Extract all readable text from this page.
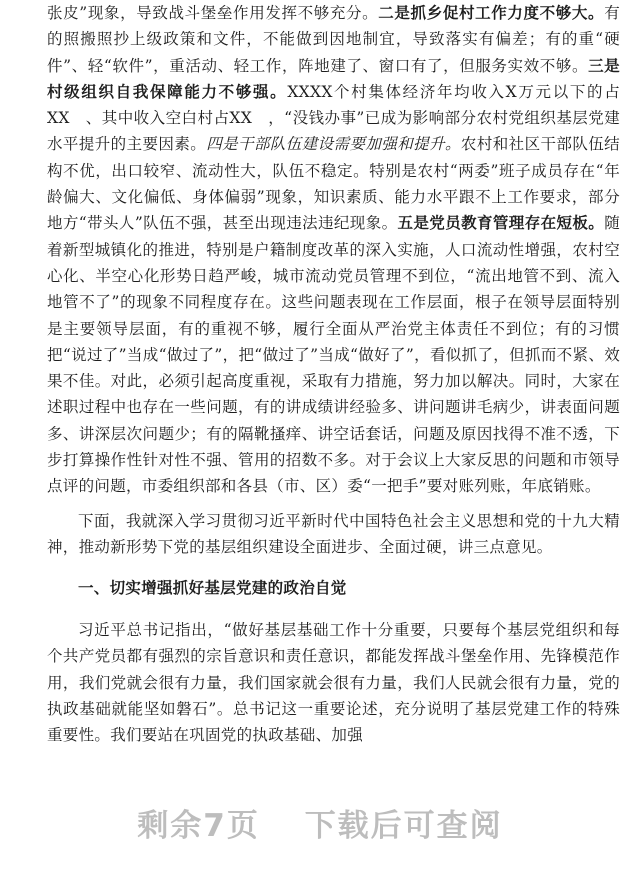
张皮”现象，导致战斗堡垒作用发挥不够充分。二是抓乡促村工作力度不够大。有的照搬照抄上级政策和文件，不能做到因地制宜，导致落实有偏差；有的重“硬件”、轻“软件”，重活动、轻工作，阵地建了、窗口有了，但服务实效不够。三是村级组织自我保障能力不够强。XXXX个村集体经济年均收入X万元以下的占XX　、其中收入空白村占XX　，“没钱办事”已成为影响部分农村党组织基层党建水平提升的主要因素。四是干部队伍建设需要加强和提升。农村和社区干部队伍结构不优，出口较窄、流动性大，队伍不稳定。特别是农村“两委”班子成员存在“年龄偏大、文化偏低、身体偏弱”现象，知识素质、能力水平跟不上工作要求，部分地方“带头人”队伍不强，甚至出现违法违纪现象。五是党员教育管理存在短板。随着新型城镇化的推进，特别是户籍制度改革的深入实施，人口流动性增强，农村空心化、半空心化形势日趋严峻，城市流动党员管理不到位，“流出地管不到、流入地管不了”的现象不同程度存在。这些问题表现在工作层面，根子在领导层面特别是主要领导层面，有的重视不够，履行全面从严治党主体责任不到位；有的习惯把“说过了”当成“做过了”，把“做过了”当成“做好了”，看似抓了，但抓而不紧、效果不佳。对此，必须引起高度重视，采取有力措施，努力加以解决。同时，大家在述职过程中也存在一些问题，有的讲成绩讲经验多、讲问题讲毛病少，讲表面问题多、讲深层次问题少；有的隔靴搔痒、讲空话套话，问题及原因找得不准不透，下步打算操作性针对性不强、管用的招数不多。对于会议上大家反思的问题和市领导点评的问题，市委组织部和各县（市、区）委“一把手”要对账列账，年底销账。

下面，我就深入学习贯彻习近平新时代中国特色社会主义思想和党的十九大精神，推动新形势下党的基层组织建设全面进步、全面过硬，讲三点意见。

一、切实增强抓好基层党建的政治自觉

习近平总书记指出，“做好基层基础工作十分重要，只要每个基层党组织和每个共产党员都有强烈的宗旨意识和责任意识，都能发挥战斗堡垒作用、先锋模范作用，我们党就会很有力量，我们国家就会很有力量，我们人民就会很有力量，党的执政基础就能坚如磐石”。总书记这一重要论述，充分说明了基层党建工作的特殊重要性。我们要站在巩固党的执政基础、加强

剩余7页 下载后可查阅
